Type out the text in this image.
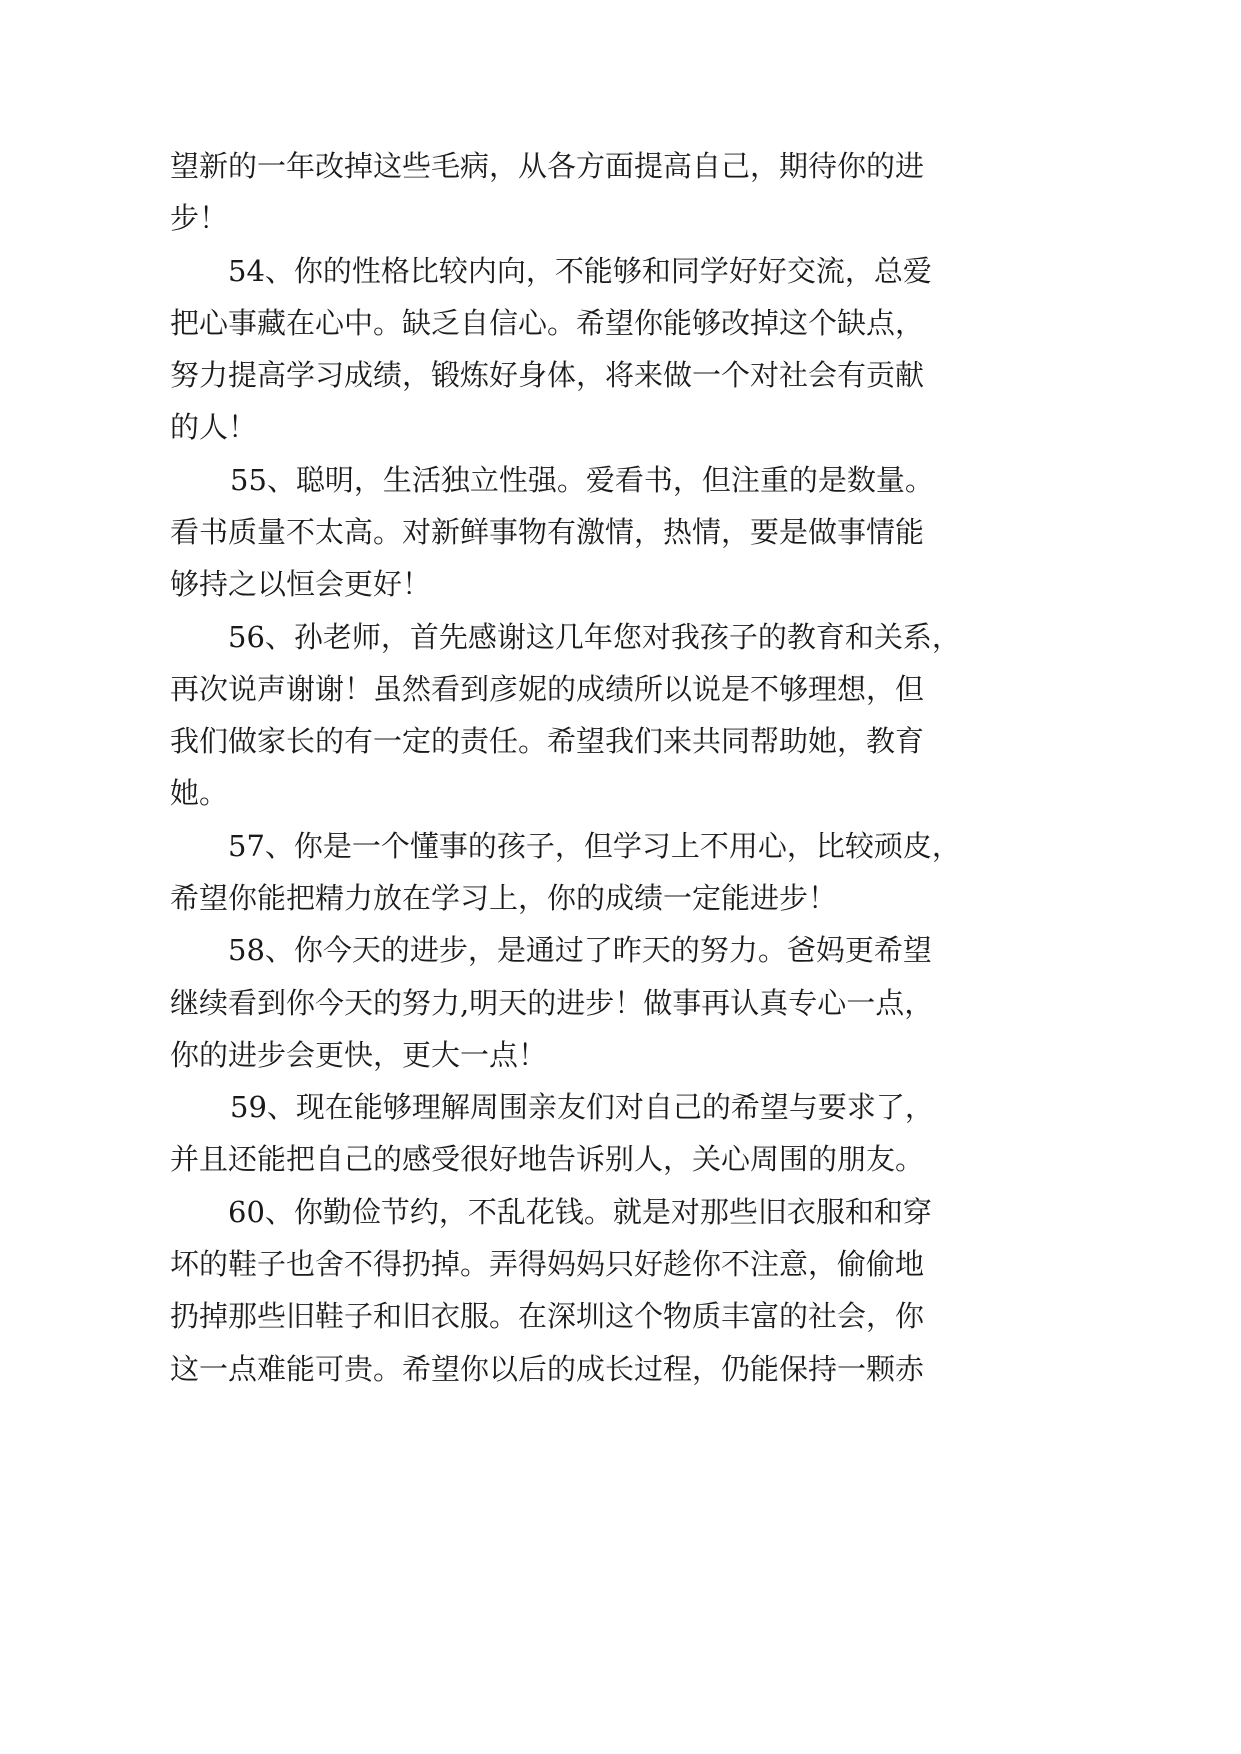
望新的一年改掉这些毛病，从各方面提高自己，期待你的进
步！
54、你的性格比较内向，不能够和同学好好交流，总爱
把心事藏在心中。缺乏自信心。希望你能够改掉这个缺点，
努力提高学习成绩，锻炼好身体，将来做一个对社会有贡献
的人！
55、聪明，生活独立性强。爱看书，但注重的是数量。
看书质量不太高。对新鲜事物有激情，热情，要是做事情能
够持之以恒会更好！
56、孙老师，首先感谢这几年您对我孩子的教育和关系，
再次说声谢谢！虽然看到彦妮的成绩所以说是不够理想，但
我们做家长的有一定的责任。希望我们来共同帮助她，教育
她。
57、你是一个懂事的孩子，但学习上不用心，比较顽皮，
希望你能把精力放在学习上，你的成绩一定能进步！
58、你今天的进步，是通过了昨天的努力。爸妈更希望
继续看到你今天的努力,明天的进步！做事再认真专心一点，
你的进步会更快，更大一点！
59、现在能够理解周围亲友们对自己的希望与要求了，
并且还能把自己的感受很好地告诉别人，关心周围的朋友。
60、你勤俭节约，不乱花钱。就是对那些旧衣服和和穿
坏的鞋子也舍不得扔掉。弄得妈妈只好趁你不注意，偷偷地
扔掉那些旧鞋子和旧衣服。在深圳这个物质丰富的社会，你
这一点难能可贵。希望你以后的成长过程，仍能保持一颗赤
